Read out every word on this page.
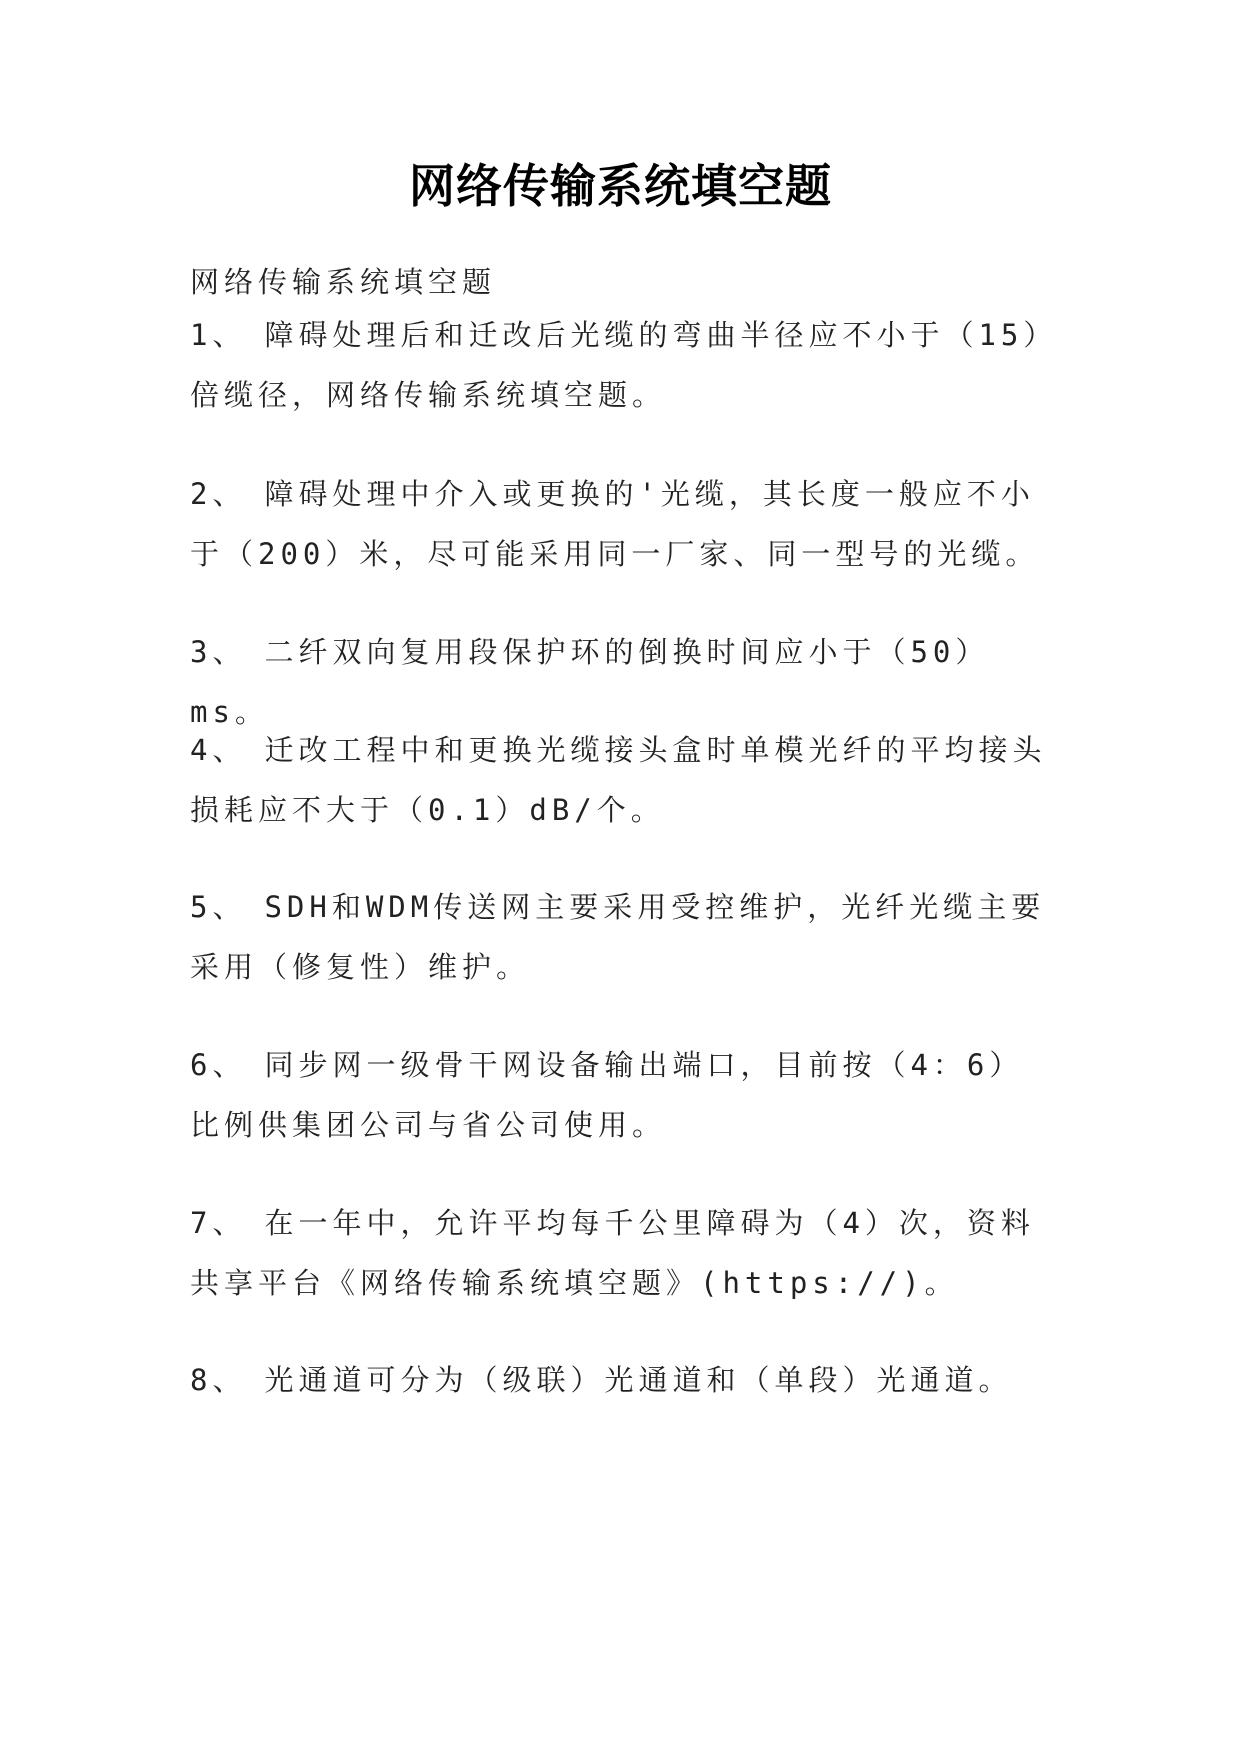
网络传输系统填空题
网络传输系统填空题
1、 障碍处理后和迁改后光缆的弯曲半径应不小于（15）倍缆径，网络传输系统填空题。
2、 障碍处理中介入或更换的'光缆，其长度一般应不小于（200）米，尽可能采用同一厂家、同一型号的光缆。
3、 二纤双向复用段保护环的倒换时间应小于（50）ms。
4、 迁改工程中和更换光缆接头盒时单模光纤的平均接头损耗应不大于（0.1）dB/个。
5、 SDH和WDM传送网主要采用受控维护，光纤光缆主要采用（修复性）维护。
6、 同步网一级骨干网设备输出端口，目前按（4：6）比例供集团公司与省公司使用。
7、 在一年中，允许平均每千公里障碍为（4）次，资料共享平台《网络传输系统填空题》(https://)。
8、 光通道可分为（级联）光通道和（单段）光通道。
